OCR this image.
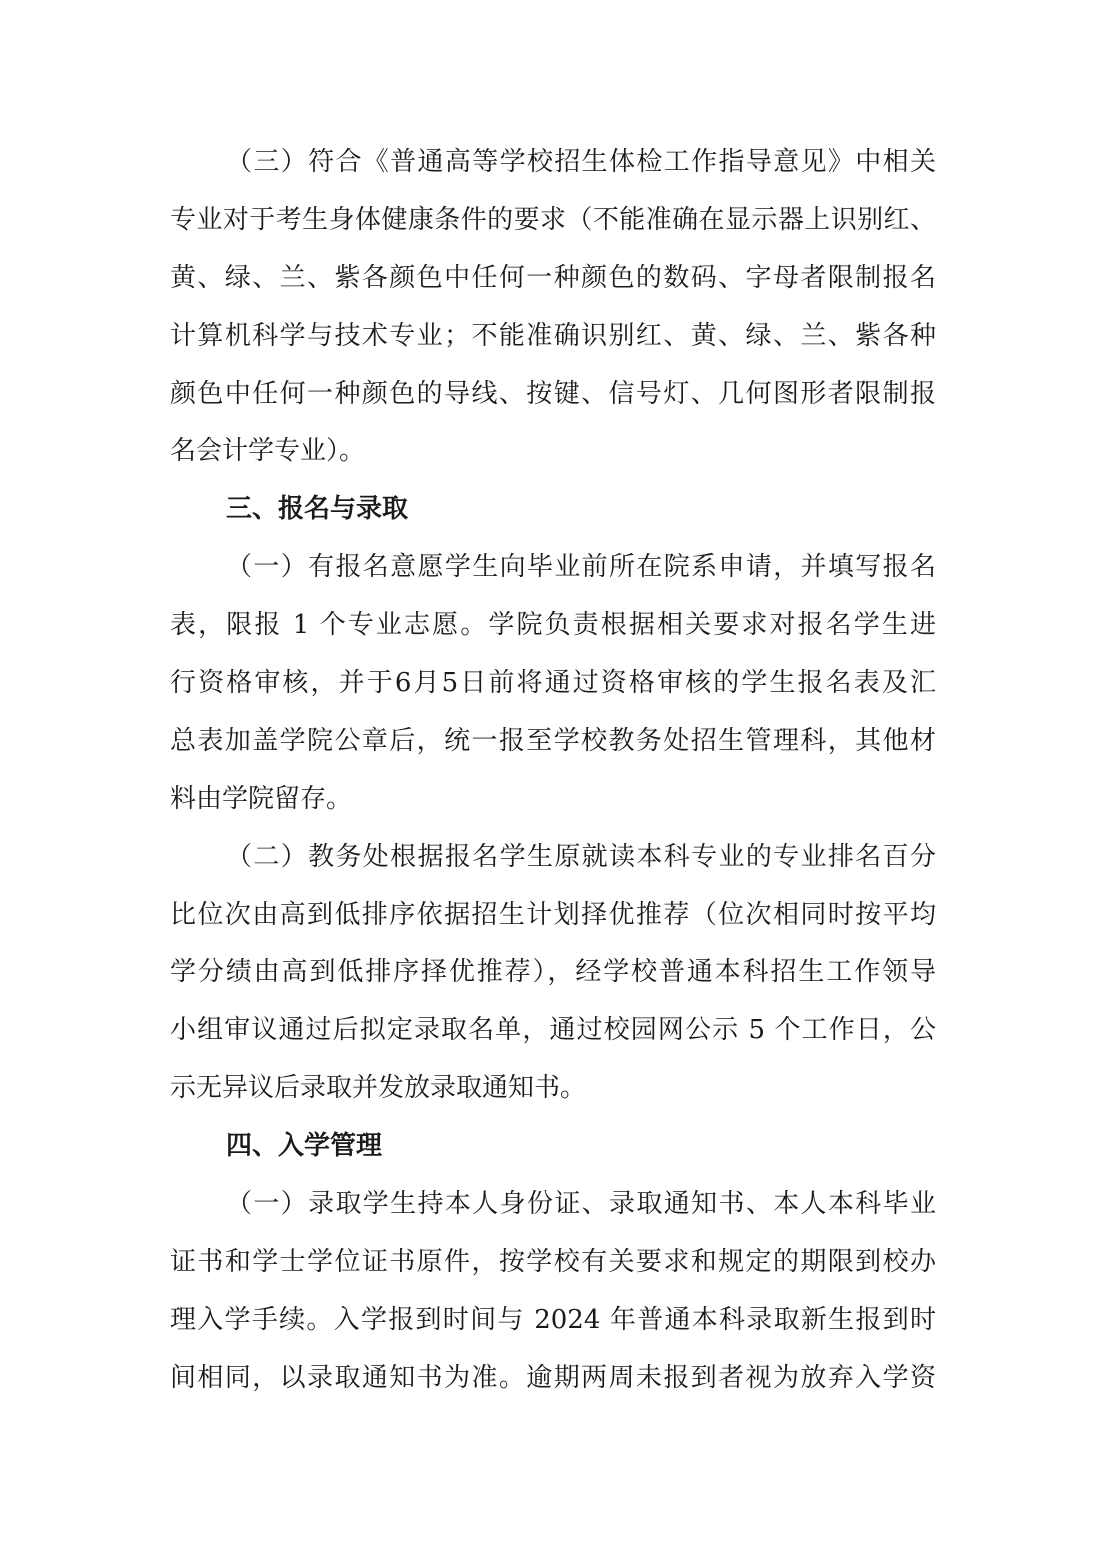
（三）符合《普通高等学校招生体检工作指导意见》中相关
专业对于考生身体健康条件的要求（不能准确在显示器上识别红、
黄、绿、兰、紫各颜色中任何一种颜色的数码、字母者限制报名
计算机科学与技术专业；不能准确识别红、黄、绿、兰、紫各种
颜色中任何一种颜色的导线、按键、信号灯、几何图形者限制报
名会计学专业）。
三、报名与录取
（一）有报名意愿学生向毕业前所在院系申请，并填写报名
表，限报 1 个专业志愿。学院负责根据相关要求对报名学生进
行资格审核，并于6月5日前将通过资格审核的学生报名表及汇
总表加盖学院公章后，统一报至学校教务处招生管理科，其他材
料由学院留存。
（二）教务处根据报名学生原就读本科专业的专业排名百分
比位次由高到低排序依据招生计划择优推荐（位次相同时按平均
学分绩由高到低排序择优推荐），经学校普通本科招生工作领导
小组审议通过后拟定录取名单，通过校园网公示 5 个工作日，公
示无异议后录取并发放录取通知书。
四、入学管理
（一）录取学生持本人身份证、录取通知书、本人本科毕业
证书和学士学位证书原件，按学校有关要求和规定的期限到校办
理入学手续。入学报到时间与 2024 年普通本科录取新生报到时
间相同，以录取通知书为准。逾期两周未报到者视为放弃入学资
